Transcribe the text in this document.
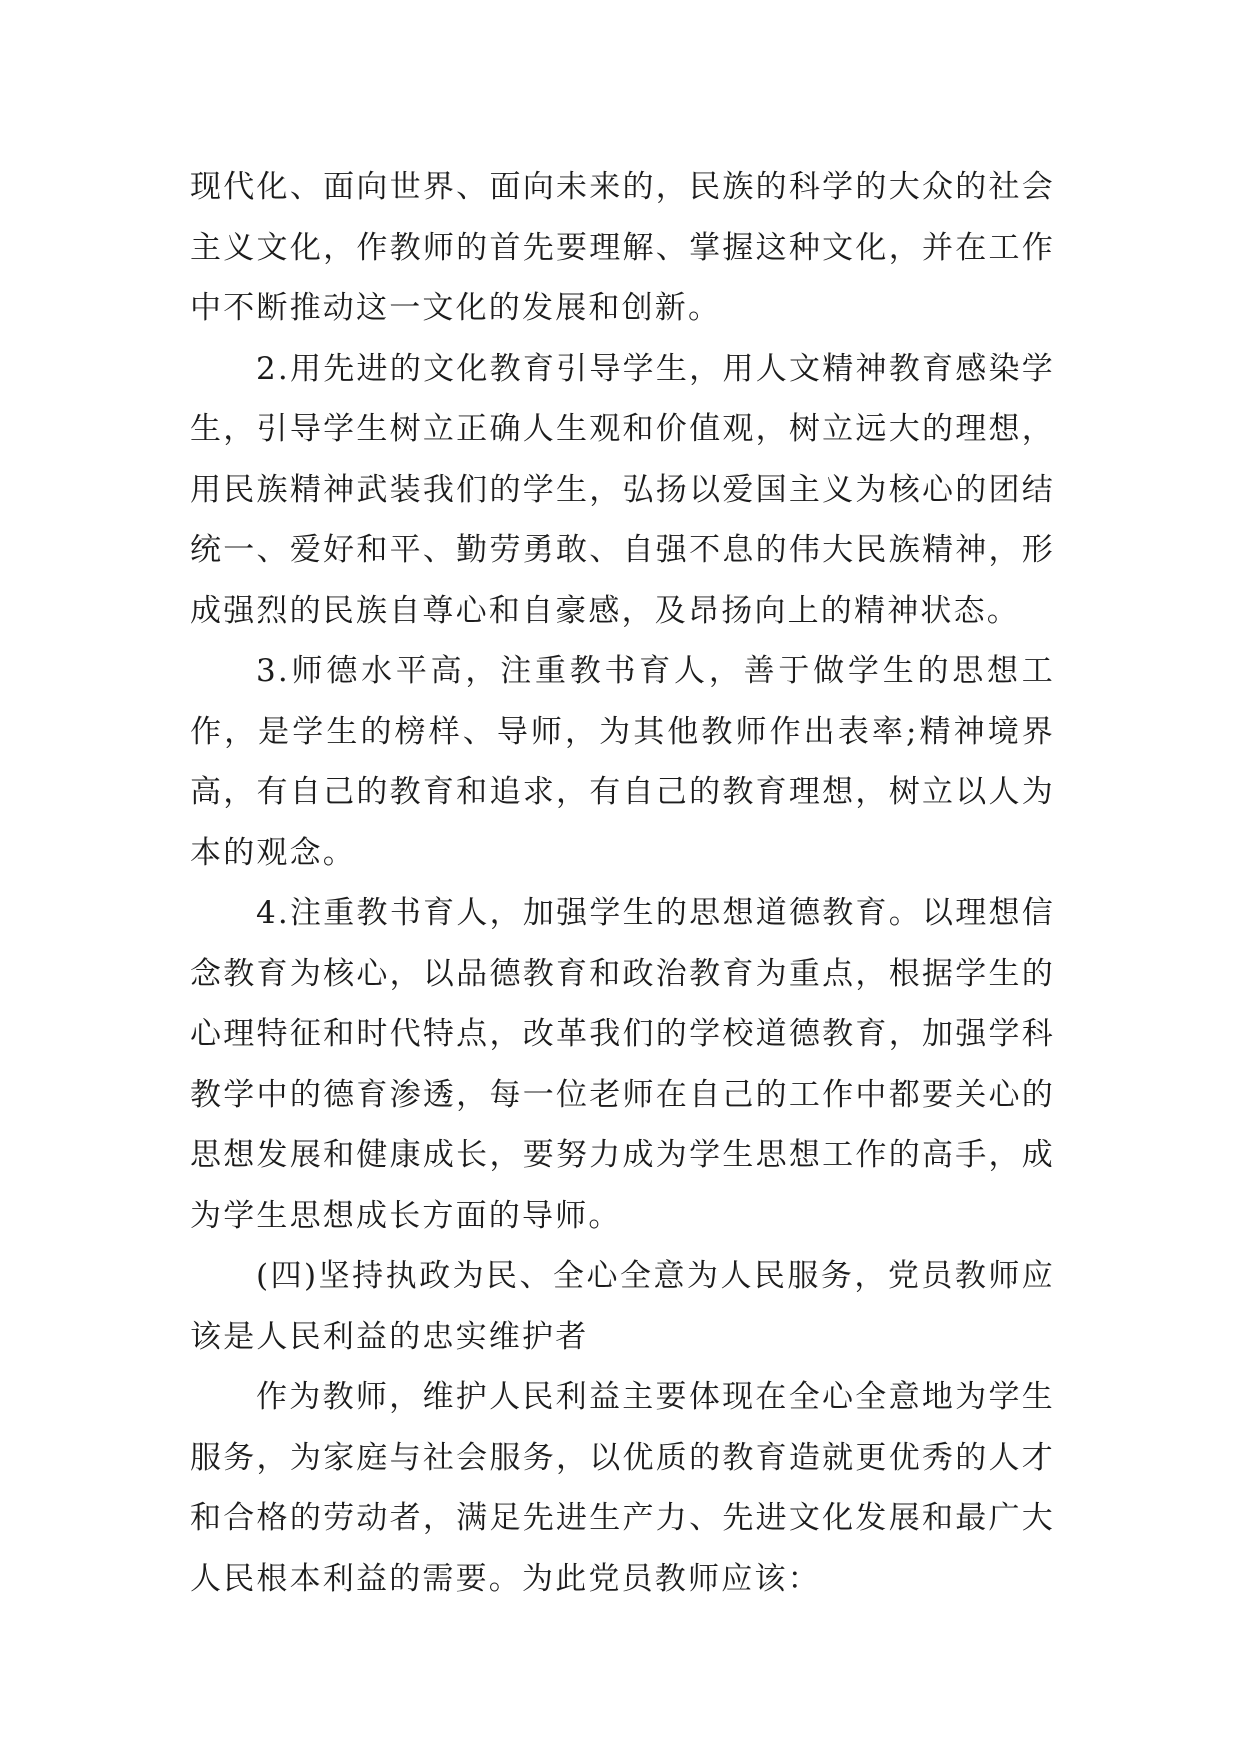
现代化、面向世界、面向未来的，民族的科学的大众的社会主义文化，作教师的首先要理解、掌握这种文化，并在工作中不断推动这一文化的发展和创新。

2.用先进的文化教育引导学生，用人文精神教育感染学生，引导学生树立正确人生观和价值观，树立远大的理想，用民族精神武装我们的学生，弘扬以爱国主义为核心的团结统一、爱好和平、勤劳勇敢、自强不息的伟大民族精神，形成强烈的民族自尊心和自豪感，及昂扬向上的精神状态。

3.师德水平高，注重教书育人，善于做学生的思想工作，是学生的榜样、导师，为其他教师作出表率;精神境界高，有自己的教育和追求，有自己的教育理想，树立以人为本的观念。

4.注重教书育人，加强学生的思想道德教育。以理想信念教育为核心，以品德教育和政治教育为重点，根据学生的心理特征和时代特点，改革我们的学校道德教育，加强学科教学中的德育渗透，每一位老师在自己的工作中都要关心的思想发展和健康成长，要努力成为学生思想工作的高手，成为学生思想成长方面的导师。

(四)坚持执政为民、全心全意为人民服务，党员教师应该是人民利益的忠实维护者

作为教师，维护人民利益主要体现在全心全意地为学生服务，为家庭与社会服务，以优质的教育造就更优秀的人才和合格的劳动者，满足先进生产力、先进文化发展和最广大人民根本利益的需要。为此党员教师应该：
